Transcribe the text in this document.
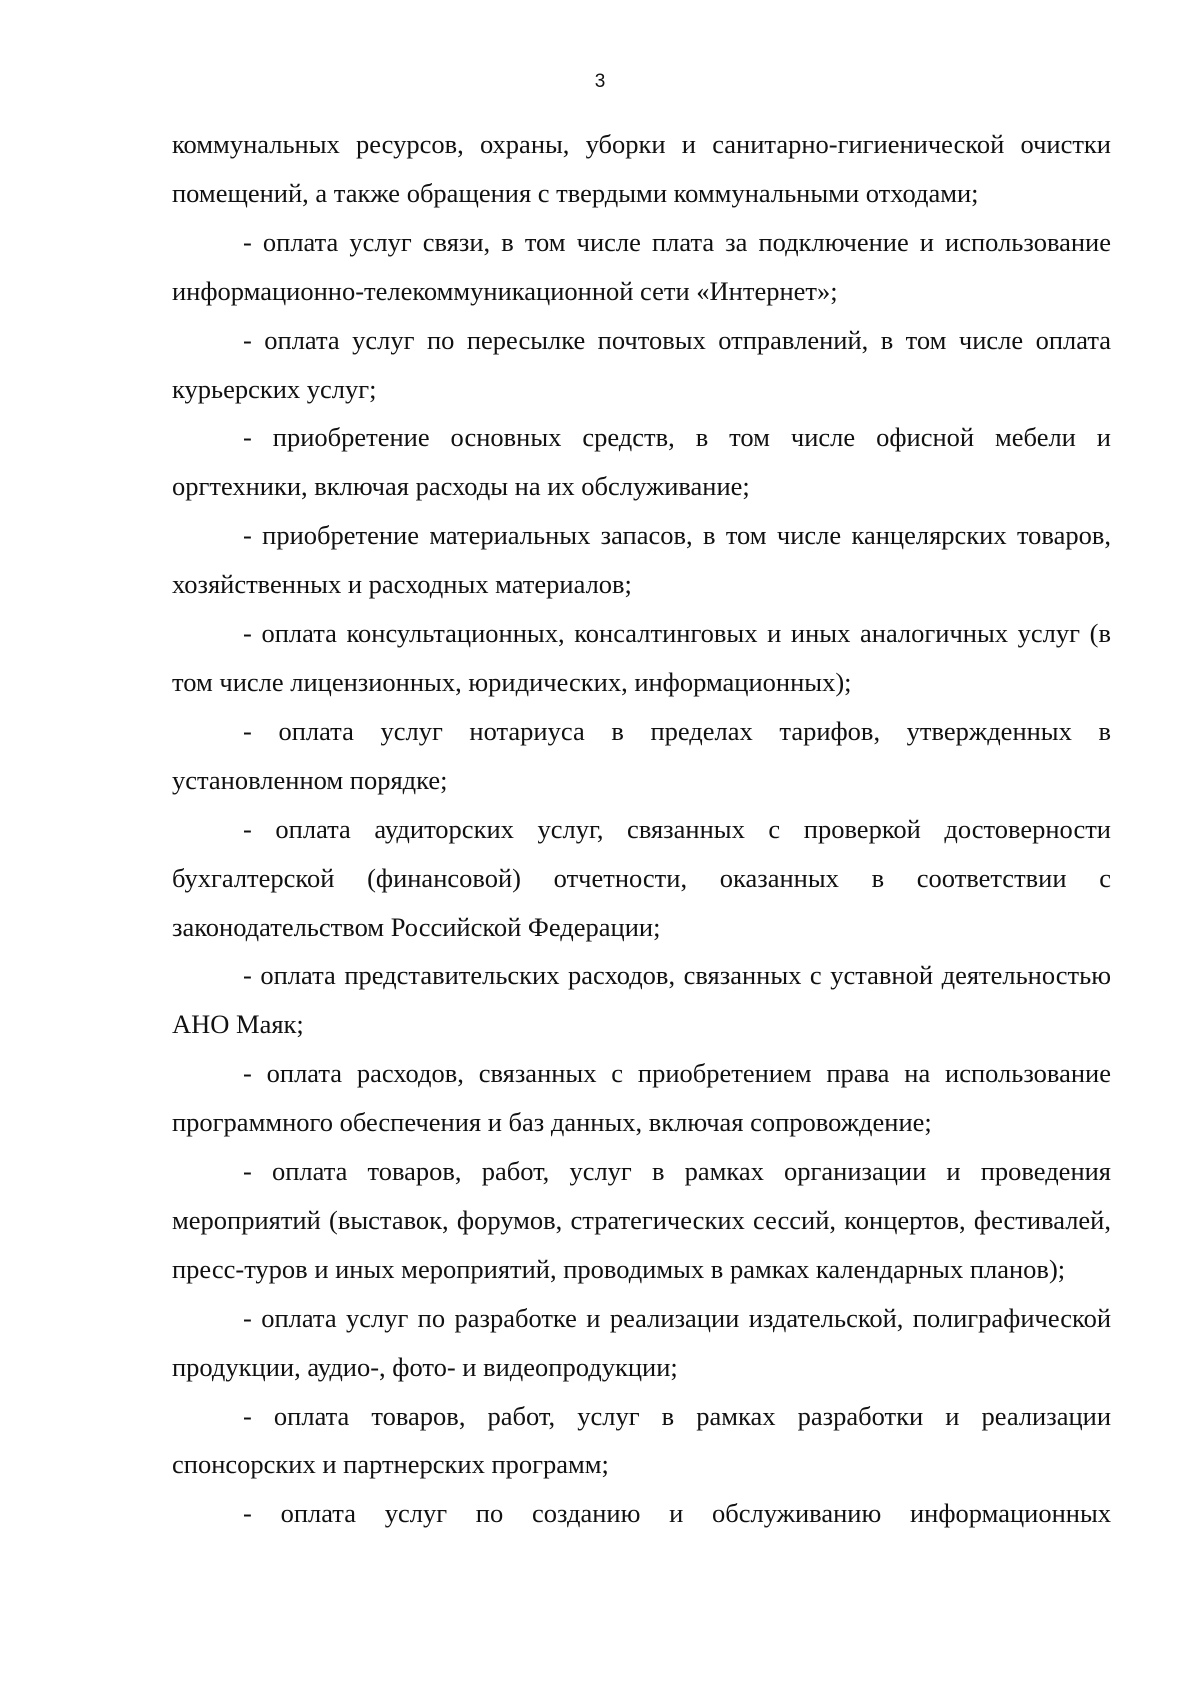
3

коммунальных ресурсов, охраны, уборки и санитарно-гигиенической очистки помещений, а также обращения с твердыми коммунальными отходами;

- оплата услуг связи, в том числе плата за подключение и использование информационно-телекоммуникационной сети «Интернет»;

- оплата услуг по пересылке почтовых отправлений, в том числе оплата курьерских услуг;

- приобретение основных средств, в том числе офисной мебели и оргтехники, включая расходы на их обслуживание;

- приобретение материальных запасов, в том числе канцелярских товаров, хозяйственных и расходных материалов;

- оплата консультационных, консалтинговых и иных аналогичных услуг (в том числе лицензионных, юридических, информационных);

- оплата услуг нотариуса в пределах тарифов, утвержденных в установленном порядке;

- оплата аудиторских услуг, связанных с проверкой достоверности бухгалтерской (финансовой) отчетности, оказанных в соответствии с законодательством Российской Федерации;

- оплата представительских расходов, связанных с уставной деятельностью АНО Маяк;

- оплата расходов, связанных с приобретением права на использование программного обеспечения и баз данных, включая сопровождение;

- оплата товаров, работ, услуг в рамках организации и проведения мероприятий (выставок, форумов, стратегических сессий, концертов, фестивалей, пресс-туров и иных мероприятий, проводимых в рамках календарных планов);

- оплата услуг по разработке и реализации издательской, полиграфической продукции, аудио-, фото- и видеопродукции;

- оплата товаров, работ, услуг в рамках разработки и реализации спонсорских и партнерских программ;

- оплата услуг по созданию и обслуживанию информационных
